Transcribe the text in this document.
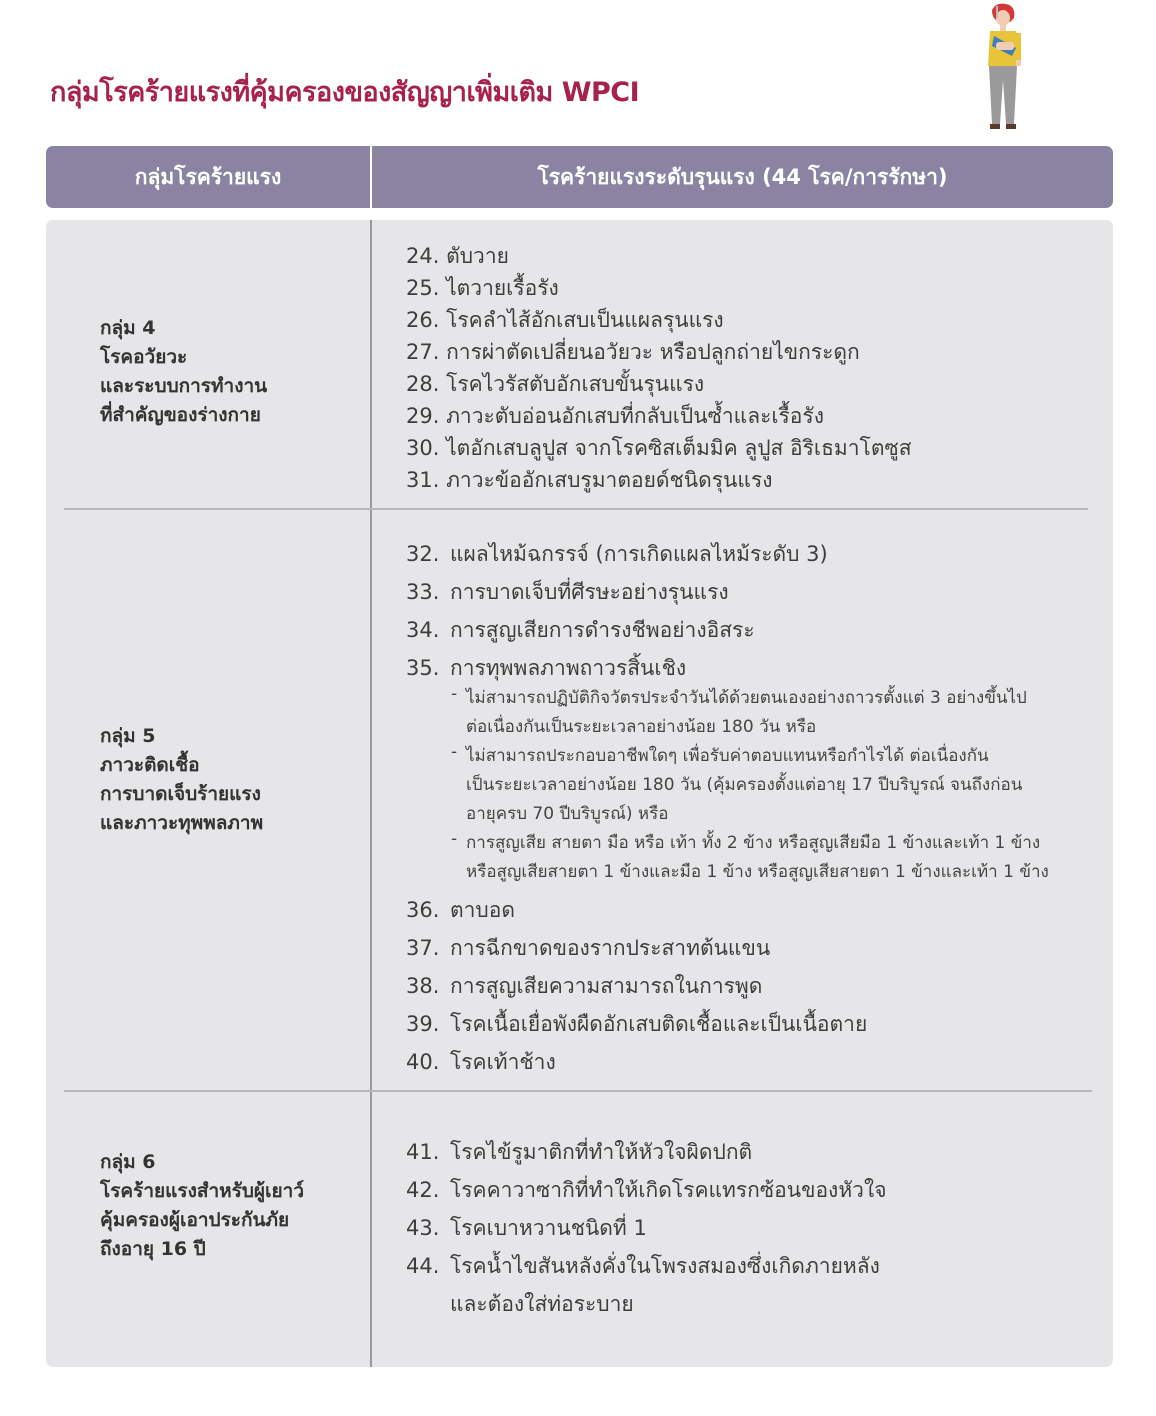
กลุ่มโรคร้ายแรงที่คุ้มครองของสัญญาเพิ่มเติม WPCI
กลุ่มโรคร้ายแรง	โรคร้ายแรงระดับรุนแรง (44 โรค/การรักษา)
กลุ่ม 4
โรคอวัยวะ
และระบบการทำงาน
ที่สำคัญของร่างกาย
24. ตับวาย
25. ไตวายเรื้อรัง
26. โรคลำไส้อักเสบเป็นแผลรุนแรง
27. การผ่าตัดเปลี่ยนอวัยวะ หรือปลูกถ่ายไขกระดูก
28. โรคไวรัสตับอักเสบขั้นรุนแรง
29. ภาวะตับอ่อนอักเสบที่กลับเป็นซ้ำและเรื้อรัง
30. ไตอักเสบลูปูส จากโรคซิสเต็มมิค ลูปูส อิริเธมาโตซูส
31. ภาวะข้ออักเสบรูมาตอยด์ชนิดรุนแรง
กลุ่ม 5
ภาวะติดเชื้อ
การบาดเจ็บร้ายแรง
และภาวะทุพพลภาพ
32. แผลไหม้ฉกรรจ์ (การเกิดแผลไหม้ระดับ 3)
33. การบาดเจ็บที่ศีรษะอย่างรุนแรง
34. การสูญเสียการดำรงชีพอย่างอิสระ
35. การทุพพลภาพถาวรสิ้นเชิง
- ไม่สามารถปฏิบัติกิจวัตรประจำวันได้ด้วยตนเองอย่างถาวรตั้งแต่ 3 อย่างขึ้นไป
ต่อเนื่องกันเป็นระยะเวลาอย่างน้อย 180 วัน หรือ
- ไม่สามารถประกอบอาชีพใดๆ เพื่อรับค่าตอบแทนหรือกำไรได้ ต่อเนื่องกัน
เป็นระยะเวลาอย่างน้อย 180 วัน (คุ้มครองตั้งแต่อายุ 17 ปีบริบูรณ์ จนถึงก่อน
อายุครบ 70 ปีบริบูรณ์) หรือ
- การสูญเสีย สายตา มือ หรือ เท้า ทั้ง 2 ข้าง หรือสูญเสียมือ 1 ข้างและเท้า 1 ข้าง
หรือสูญเสียสายตา 1 ข้างและมือ 1 ข้าง หรือสูญเสียสายตา 1 ข้างและเท้า 1 ข้าง
36. ตาบอด
37. การฉีกขาดของรากประสาทต้นแขน
38. การสูญเสียความสามารถในการพูด
39. โรคเนื้อเยื่อพังผืดอักเสบติดเชื้อและเป็นเนื้อตาย
40. โรคเท้าช้าง
กลุ่ม 6
โรคร้ายแรงสำหรับผู้เยาว์
คุ้มครองผู้เอาประกันภัย
ถึงอายุ 16 ปี
41. โรคไข้รูมาติกที่ทำให้หัวใจผิดปกติ
42. โรคคาวาซากิที่ทำให้เกิดโรคแทรกซ้อนของหัวใจ
43. โรคเบาหวานชนิดที่ 1
44. โรคน้ำไขสันหลังคั่งในโพรงสมองซึ่งเกิดภายหลัง
และต้องใส่ท่อระบาย
